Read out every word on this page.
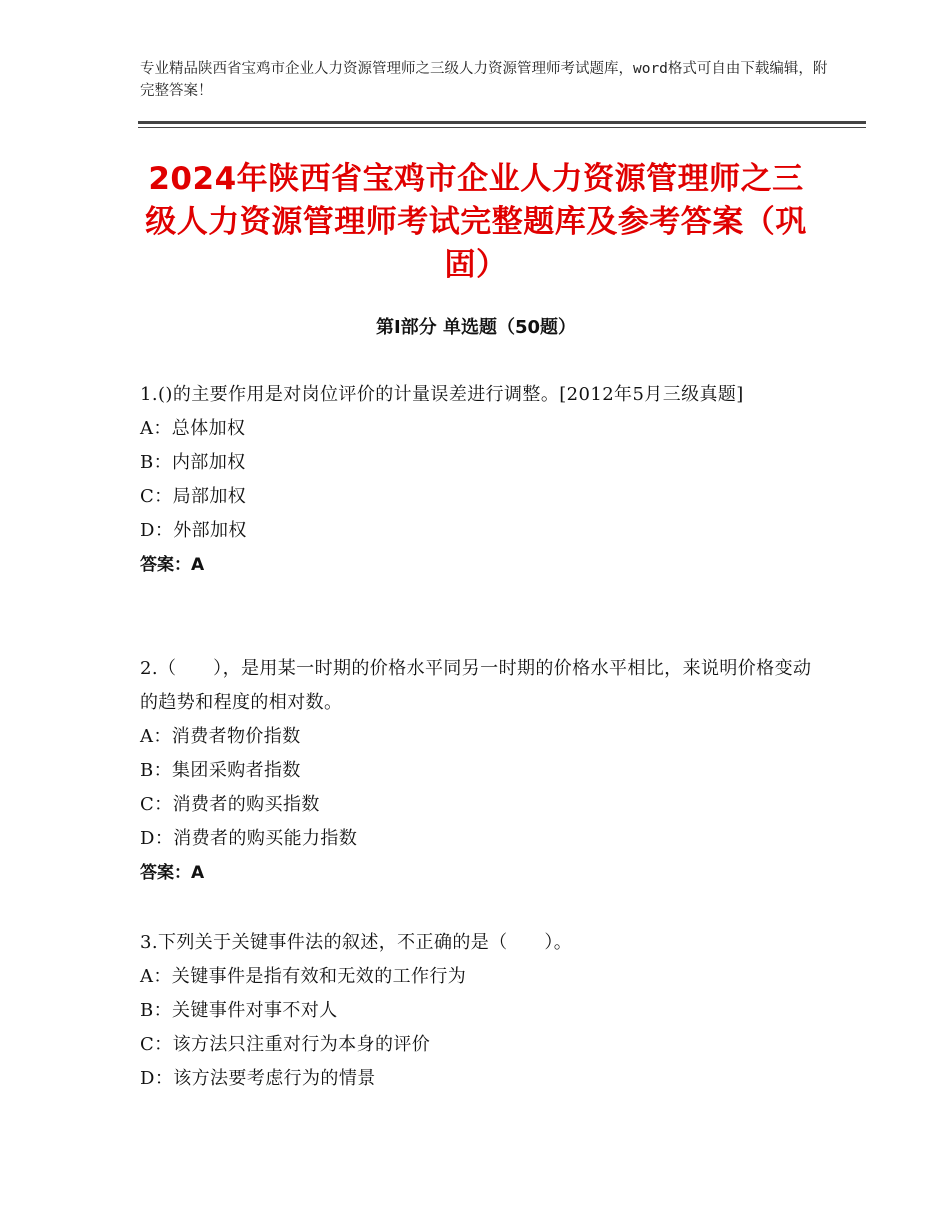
专业精品陕西省宝鸡市企业人力资源管理师之三级人力资源管理师考试题库，word格式可自由下载编辑，附完整答案！
2024年陕西省宝鸡市企业人力资源管理师之三级人力资源管理师考试完整题库及参考答案（巩固）
第Ⅰ部分 单选题（50题）
1.()的主要作用是对岗位评价的计量误差进行调整。[2012年5月三级真题]
A：总体加权
B：内部加权
C：局部加权
D：外部加权
答案：A
2.（　　），是用某一时期的价格水平同另一时期的价格水平相比，来说明价格变动的趋势和程度的相对数。
A：消费者物价指数
B：集团采购者指数
C：消费者的购买指数
D：消费者的购买能力指数
答案：A
3.下列关于关键事件法的叙述，不正确的是（　　）。
A：关键事件是指有效和无效的工作行为
B：关键事件对事不对人
C：该方法只注重对行为本身的评价
D：该方法要考虑行为的情景
